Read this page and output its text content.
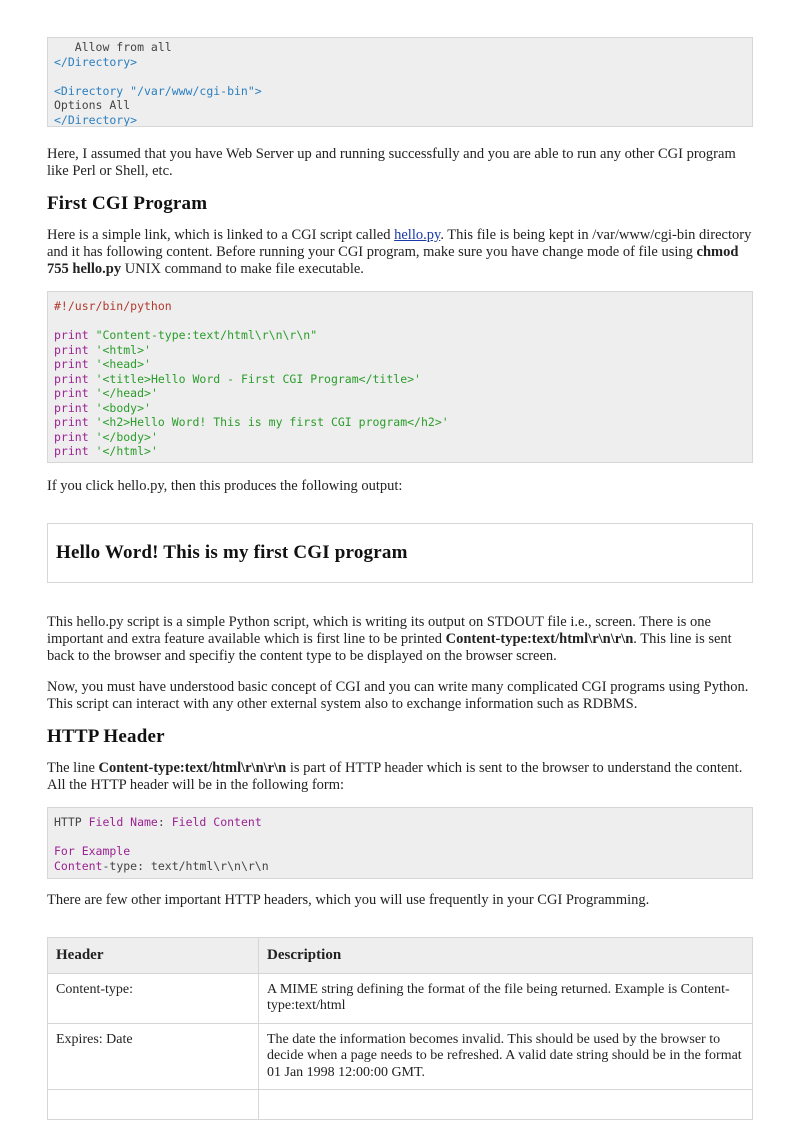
Allow from all
</Directory>

<Directory "/var/www/cgi-bin">
Options All
</Directory>

Here, I assumed that you have Web Server up and running successfully and you are able to run any other CGI program like Perl or Shell, etc.

First CGI Program

Here is a simple link, which is linked to a CGI script called hello.py. This file is being kept in /var/www/cgi-bin directory and it has following content. Before running your CGI program, make sure you have change mode of file using chmod 755 hello.py UNIX command to make file executable.

#!/usr/bin/python

print "Content-type:text/html\r\n\r\n"
print '<html>'
print '<head>'
print '<title>Hello Word - First CGI Program</title>'
print '</head>'
print '<body>'
print '<h2>Hello Word! This is my first CGI program</h2>'
print '</body>'
print '</html>'

If you click hello.py, then this produces the following output:

Hello Word! This is my first CGI program

This hello.py script is a simple Python script, which is writing its output on STDOUT file i.e., screen. There is one important and extra feature available which is first line to be printed Content-type:text/html\r\n\r\n. This line is sent back to the browser and specifiy the content type to be displayed on the browser screen.

Now, you must have understood basic concept of CGI and you can write many complicated CGI programs using Python. This script can interact with any other external system also to exchange information such as RDBMS.

HTTP Header

The line Content-type:text/html\r\n\r\n is part of HTTP header which is sent to the browser to understand the content. All the HTTP header will be in the following form:

HTTP Field Name: Field Content

For Example
Content-type: text/html\r\n\r\n

There are few other important HTTP headers, which you will use frequently in your CGI Programming.

Header	Description
Content-type:	A MIME string defining the format of the file being returned. Example is Content-type:text/html
Expires: Date	The date the information becomes invalid. This should be used by the browser to decide when a page needs to be refreshed. A valid date string should be in the format 01 Jan 1998 12:00:00 GMT.
